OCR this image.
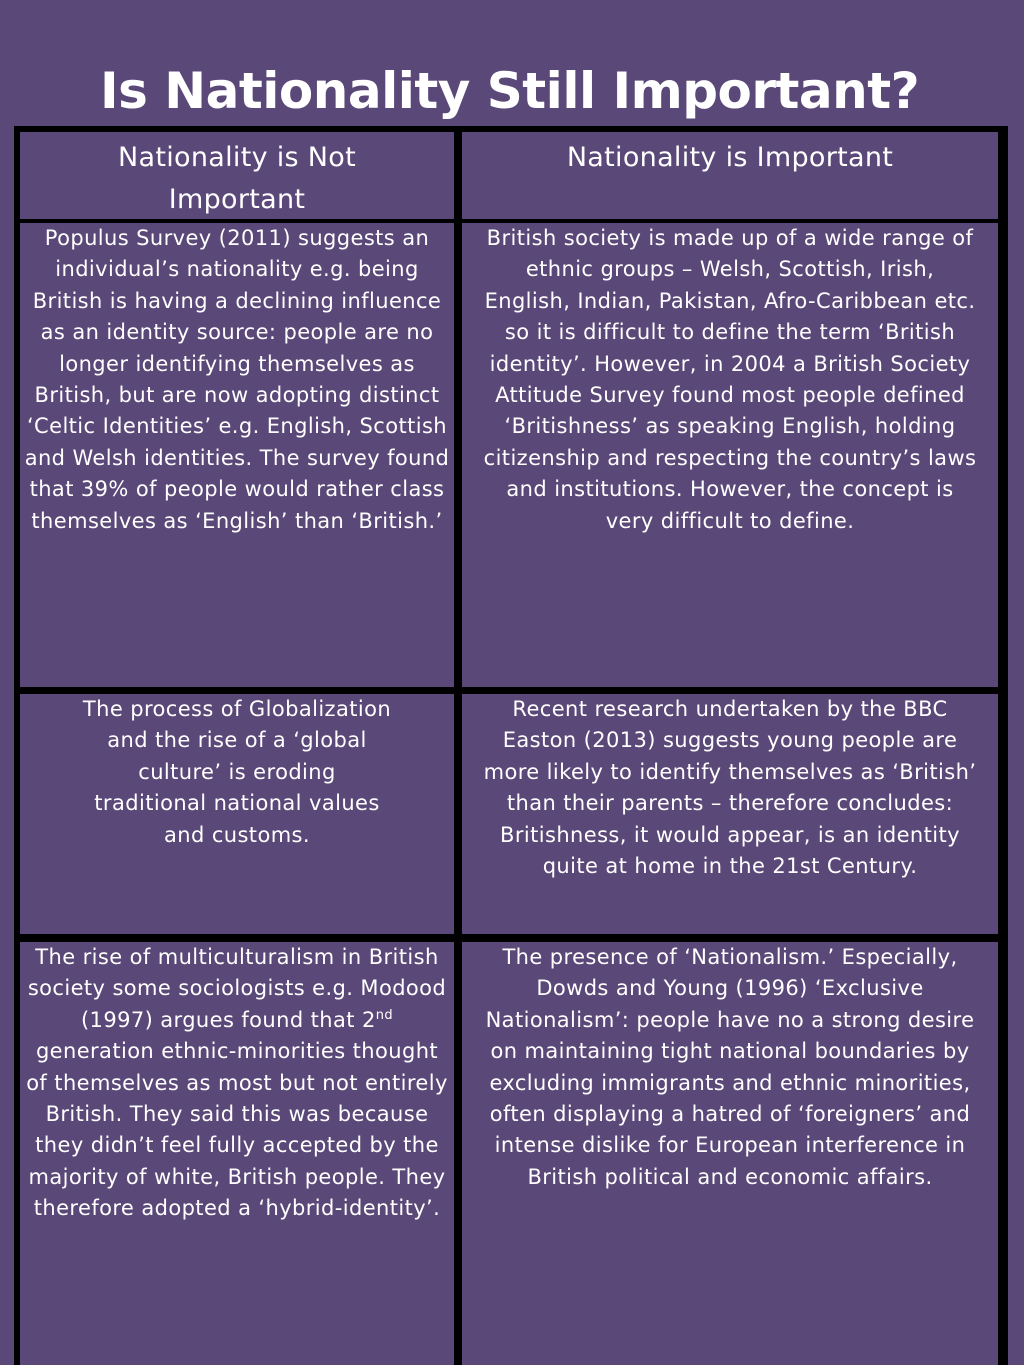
Is Nationality Still Important?
Nationality is Not Important
Nationality is Important
Populus Survey (2011) suggests an individual’s nationality e.g. being British is having a declining influence as an identity source: people are no longer identifying themselves as British, but are now adopting distinct ‘Celtic Identities’ e.g. English, Scottish and Welsh identities. The survey found that 39% of people would rather class themselves as ‘English’ than ‘British.’
British society is made up of a wide range of ethnic groups – Welsh, Scottish, Irish, English, Indian, Pakistan, Afro-Caribbean etc. so it is difficult to define the term ‘British identity’. However, in 2004 a British Society Attitude Survey found most people defined ‘Britishness’ as speaking English, holding citizenship and respecting the country’s laws and institutions. However, the concept is very difficult to define.
The process of Globalization and the rise of a ‘global culture’ is eroding traditional national values and customs.
Recent research undertaken by the BBC Easton (2013) suggests young people are more likely to identify themselves as ‘British’ than their parents – therefore concludes: Britishness, it would appear, is an identity quite at home in the 21st Century.
The rise of multiculturalism in British society some sociologists e.g. Modood (1997) argues found that 2nd generation ethnic-minorities thought of themselves as most but not entirely British. They said this was because they didn’t feel fully accepted by the majority of white, British people. They therefore adopted a ‘hybrid-identity’.
The presence of ‘Nationalism.’ Especially, Dowds and Young (1996) ‘Exclusive Nationalism’: people have no a strong desire on maintaining tight national boundaries by excluding immigrants and ethnic minorities, often displaying a hatred of ‘foreigners’ and intense dislike for European interference in British political and economic affairs.
